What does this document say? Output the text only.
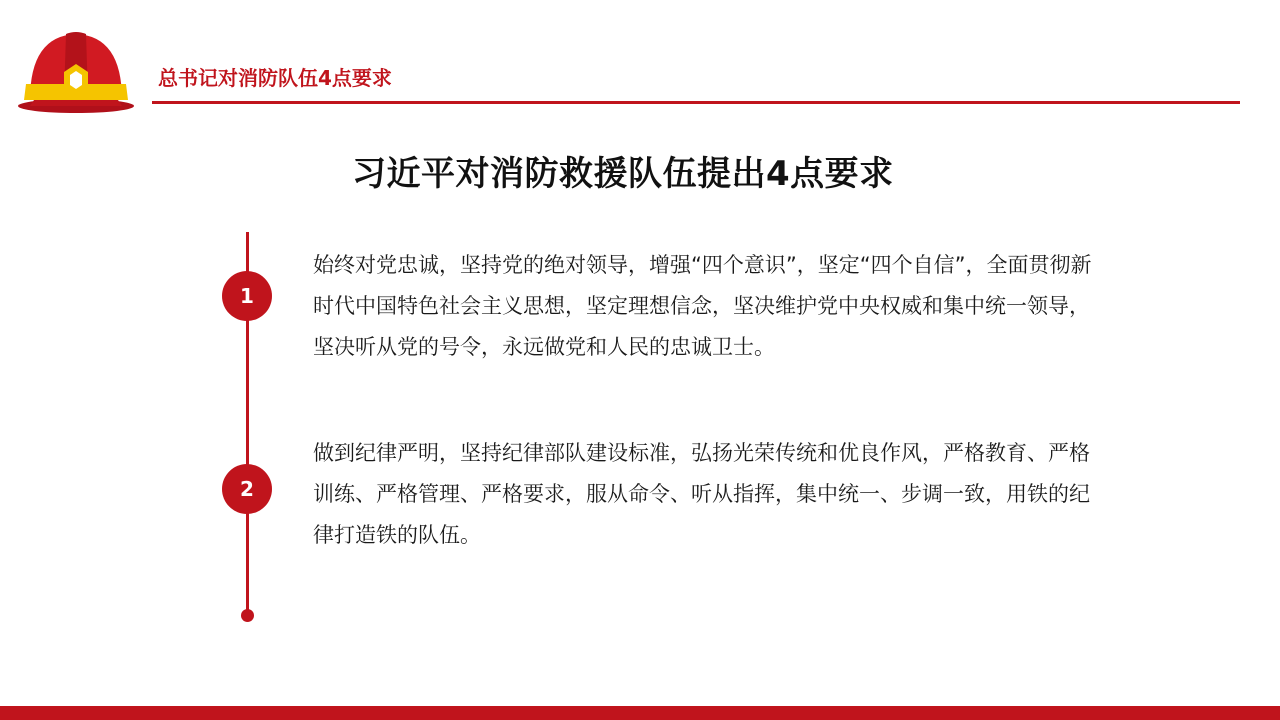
总书记对消防队伍4点要求
习近平对消防救援队伍提出4点要求
1
始终对党忠诚，坚持党的绝对领导，增强“四个意识”，坚定“四个自信”，全面贯彻新时代中国特色社会主义思想，坚定理想信念，坚决维护党中央权威和集中统一领导，坚决听从党的号令，永远做党和人民的忠诚卫士。
2
做到纪律严明，坚持纪律部队建设标准，弘扬光荣传统和优良作风，严格教育、严格训练、严格管理、严格要求，服从命令、听从指挥，集中统一、步调一致，用铁的纪律打造铁的队伍。
